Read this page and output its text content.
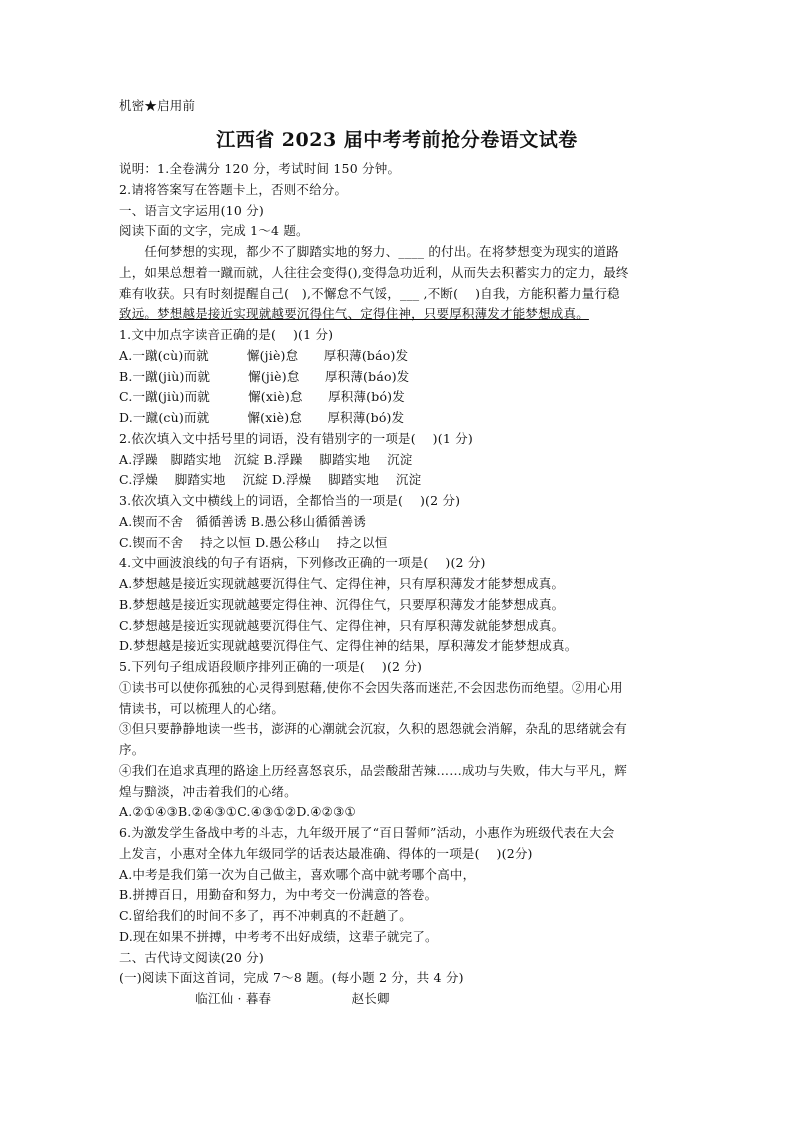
机密★启用前
江西省 2023 届中考考前抢分卷语文试卷
说明：1.全卷满分 120 分，考试时间 150 分钟。
2.请将答案写在答题卡上，否则不给分。
一、语言文字运用(10 分)
阅读下面的文字，完成 1～4 题。
　　任何梦想的实现，都少不了脚踏实地的努力、____ 的付出。在将梦想变为现实的道路
上，如果总想着一蹴而就，人往往会变得(),变得急功近利，从而失去积蓄实力的定力，最终
难有收获。只有时刻提醒自己(　),不懈怠不气馁，___ ,不断(　 )自我，方能积蓄力量行稳
致远。梦想越是接近实现就越要沉得住气、定得住神，只要厚积薄发才能梦想成真。
1.文中加点字读音正确的是(　 )(1 分)
A.一蹴(cù)而就　　　懈(jiè)怠　　厚积薄(báo)发
B.一蹴(jiù)而就　　　懈(jiè)怠　　厚积薄(báo)发
C.一蹴(jiù)而就　　　懈(xiè)怠　　厚积薄(bó)发
D.一蹴(cù)而就　　　懈(xiè)怠　　厚积薄(bó)发
2.依次填入文中括号里的词语，没有错别字的一项是(　 )(1 分)
A.浮躁　脚踏实地　沉綻 B.浮躁　 脚踏实地　 沉淀
C.浮燥　 脚踏实地　 沉綻 D.浮燥　 脚踏实地　 沉淀
3.依次填入文中横线上的词语，全都恰当的一项是(　 )(2 分)
A.锲而不舍　循循善诱 B.愚公移山循循善诱
C.锲而不舍　 持之以恒 D.愚公移山　 持之以恒
4.文中画波浪线的句子有语病，下列修改正确的一项是(　 )(2 分)
A.梦想越是接近实现就越要沉得住气、定得住神，只有厚积薄发才能梦想成真。
B.梦想越是接近实现就越要定得住神、沉得住气，只要厚积薄发才能梦想成真。
C.梦想越是接近实现就越要沉得住气、定得住神，只有厚积薄发就能梦想成真。
D.梦想越是接近实现就越要沉得住气、定得住神的结果，厚积薄发才能梦想成真。
5.下列句子组成语段顺序排列正确的一项是(　 )(2 分)
①读书可以使你孤独的心灵得到慰藉,使你不会因失落而迷茫,不会因悲伤而绝望。②用心用
情读书，可以梳理人的心绪。
③但只要静静地读一些书，澎湃的心潮就会沉寂，久积的恩怨就会消解，杂乱的思绪就会有
序。
④我们在追求真理的路途上历经喜怒哀乐，品尝酸甜苦辣……成功与失败，伟大与平凡，辉
煌与黯淡，冲击着我们的心绪。
A.②①④③B.②④③①C.④③①②D.④②③①
6.为激发学生备战中考的斗志，九年级开展了“百日誓师”活动，小惠作为班级代表在大会
上发言，小惠对全体九年级同学的话表达最准确、得体的一项是(　 )(2分)
A.中考是我们第一次为自己做主，喜欢哪个高中就考哪个高中，
B.拼搏百日，用勤奋和努力，为中考交一份满意的答卷。
C.留给我们的时间不多了，再不冲刺真的不赶趟了。
D.现在如果不拼搏，中考考不出好成绩，这辈子就完了。
二、古代诗文阅读(20 分)
(一)阅读下面这首词，完成 7～8 题。(每小题 2 分，共 4 分)
　　　　　　临江仙 · 暮春　　　　　　 赵长卿
